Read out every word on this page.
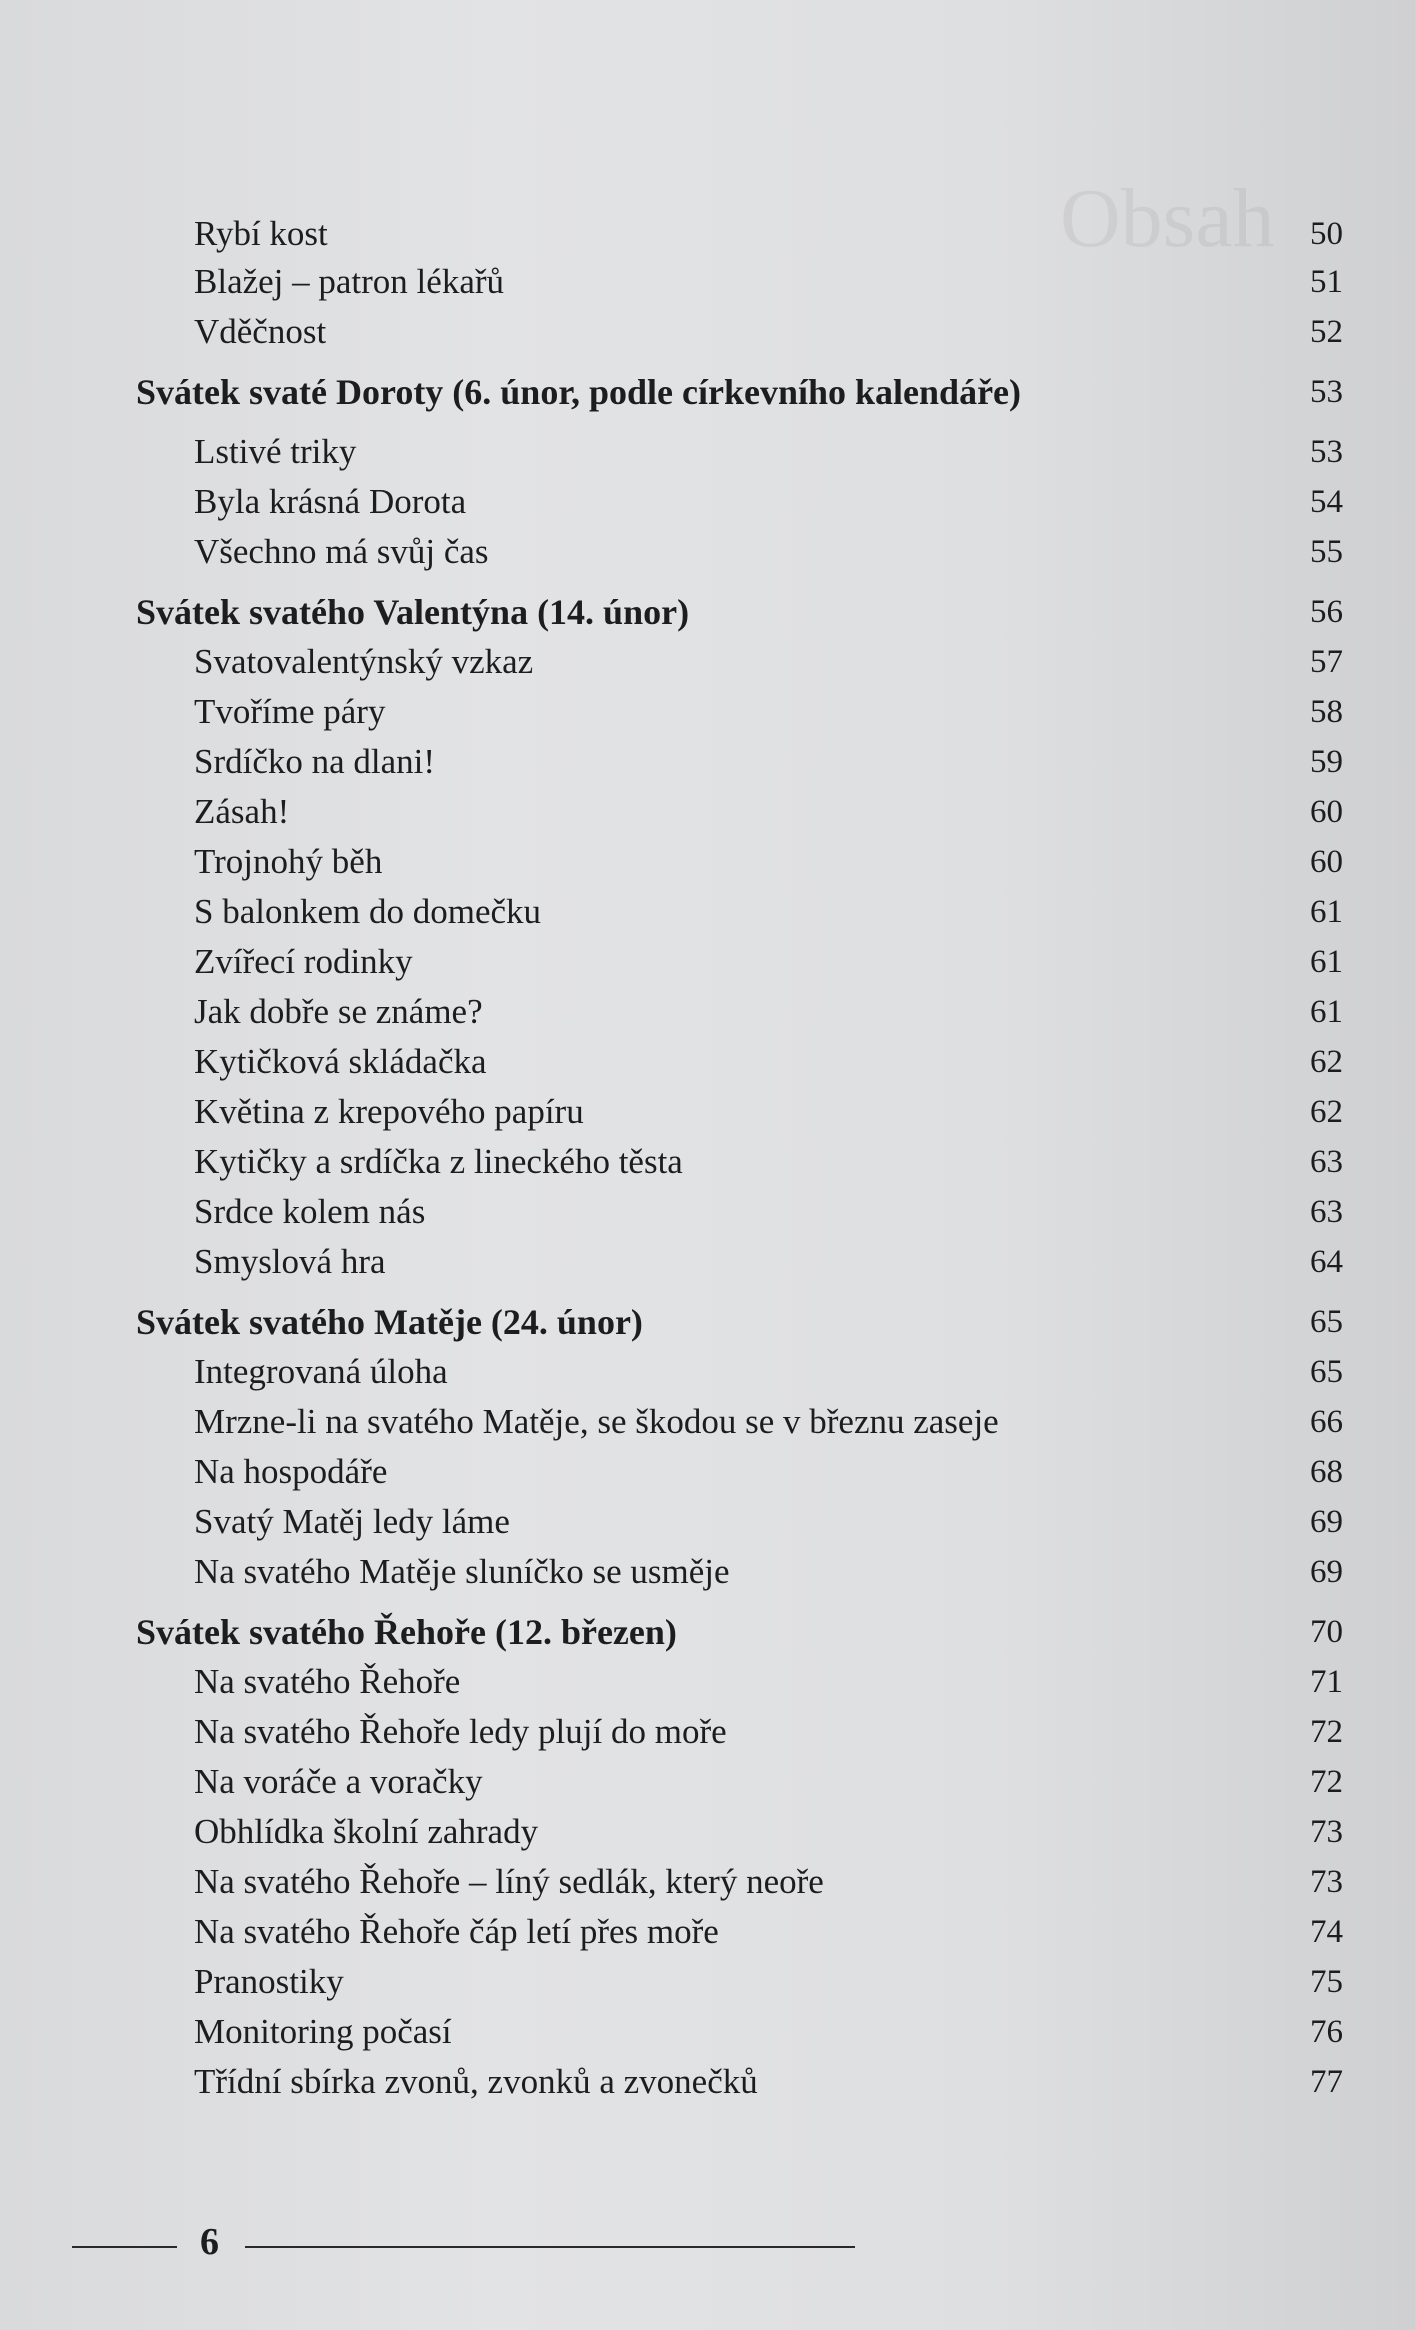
Obsah
Rybí kost	50
Blažej – patron lékařů	51
Vděčnost	52
Svátek svaté Doroty (6. únor, podle církevního kalendáře)	53
Lstivé triky	53
Byla krásná Dorota	54
Všechno má svůj čas	55
Svátek svatého Valentýna (14. únor)	56
Svatovalentýnský vzkaz	57
Tvoříme páry	58
Srdíčko na dlani!	59
Zásah!	60
Trojnohý běh	60
S balonkem do domečku	61
Zvířecí rodinky	61
Jak dobře se známe?	61
Kytičková skládačka	62
Květina z krepového papíru	62
Kytičky a srdíčka z lineckého těsta	63
Srdce kolem nás	63
Smyslová hra	64
Svátek svatého Matěje (24. únor)	65
Integrovaná úloha	65
Mrzne-li na svatého Matěje, se škodou se v březnu zaseje	66
Na hospodáře	68
Svatý Matěj ledy láme	69
Na svatého Matěje sluníčko se usměje	69
Svátek svatého Řehoře (12. březen)	70
Na svatého Řehoře	71
Na svatého Řehoře ledy plují do moře	72
Na voráče a voračky	72
Obhlídka školní zahrady	73
Na svatého Řehoře – líný sedlák, který neoře	73
Na svatého Řehoře čáp letí přes moře	74
Pranostiky	75
Monitoring počasí	76
Třídní sbírka zvonů, zvonků a zvonečků	77
6
